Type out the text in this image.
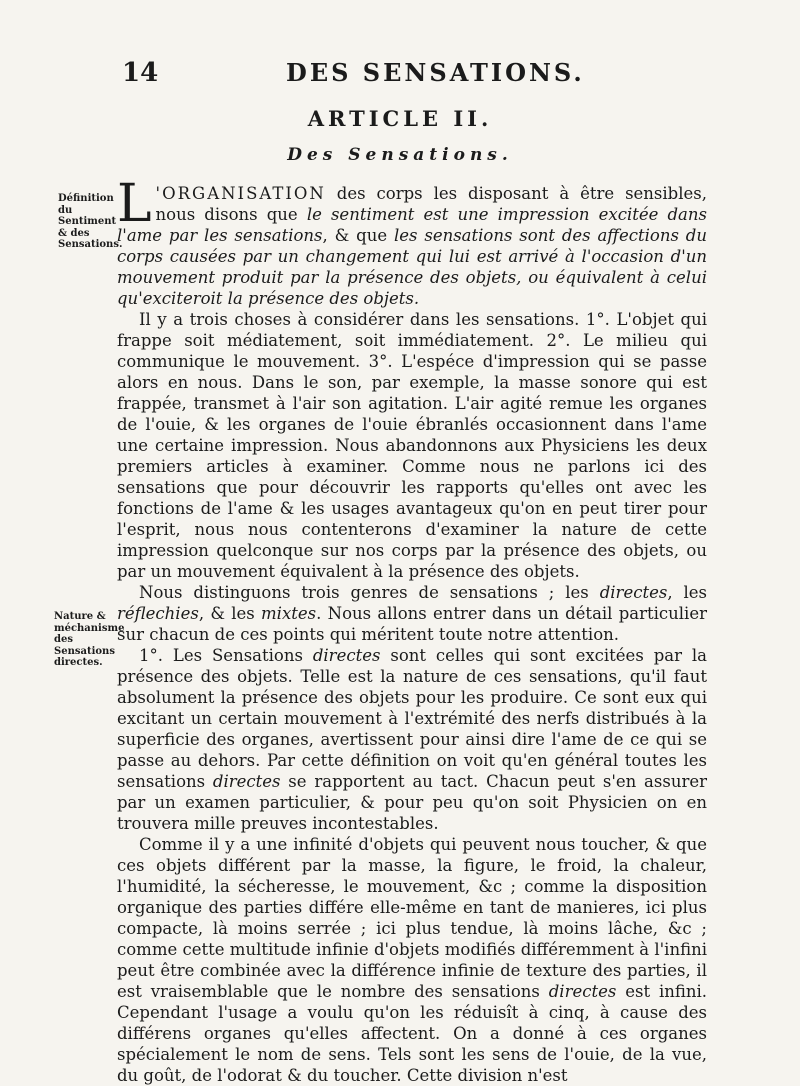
14	DES SENSATIONS.
ARTICLE II.
Des Sensations.
Définition du Sentiment & des Sensations.
Nature & méchanisme des Sensations directes.

L 'ORGANISATION des corps les disposant à être sensibles, nous disons que le sentiment est une impression excitée dans l'ame par les sensations, & que les sensations sont des affections du corps causées par un changement qui lui est arrivé à l'occasion d'un mouvement produit par la présence des objets, ou équivalent à celui qu'exciteroit la présence des objets.

Il y a trois choses à considérer dans les sensations. 1°. L'objet qui frappe soit médiatement, soit immédiatement. 2°. Le milieu qui communique le mouvement. 3°. L'espéce d'impression qui se passe alors en nous. Dans le son, par exemple, la masse sonore qui est frappée, transmet à l'air son agitation. L'air agité remue les organes de l'ouie, & les organes de l'ouie ébranlés occasionnent dans l'ame une certaine impression. Nous abandonnons aux Physiciens les deux premiers articles à examiner. Comme nous ne parlons ici des sensations que pour découvrir les rapports qu'elles ont avec les fonctions de l'ame & les usages avantageux qu'on en peut tirer pour l'esprit, nous nous contenterons d'examiner la nature de cette impression quelconque sur nos corps par la présence des objets, ou par un mouvement équivalent à la présence des objets.

Nous distinguons trois genres de sensations ; les directes, les réflechies, & les mixtes. Nous allons entrer dans un détail particulier sur chacun de ces points qui méritent toute notre attention.

1°. Les Sensations directes sont celles qui sont excitées par la présence des objets. Telle est la nature de ces sensations, qu'il faut absolument la présence des objets pour les produire. Ce sont eux qui excitant un certain mouvement à l'extrémité des nerfs distribués à la superficie des organes, avertissent pour ainsi dire l'ame de ce qui se passe au dehors. Par cette définition on voit qu'en général toutes les sensations directes se rapportent au tact. Chacun peut s'en assurer par un examen particulier, & pour peu qu'on soit Physicien on en trouvera mille preuves incontestables.

Comme il y a une infinité d'objets qui peuvent nous toucher, & que ces objets différent par la masse, la figure, le froid, la chaleur, l'humidité, la sécheresse, le mouvement, &c ; comme la disposition organique des parties différe elle-même en tant de manieres, ici plus compacte, là moins serrée ; ici plus tendue, là moins lâche, &c ; comme cette multitude infinie d'objets modifiés différemment à l'infini peut être combinée avec la différence infinie de texture des parties, il est vraisemblable que le nombre des sensations directes est infini. Cependant l'usage a voulu qu'on les réduisît à cinq, à cause des différens organes qu'elles affectent. On a donné à ces organes spécialement le nom de sens. Tels sont les sens de l'ouie, de la vue, du goût, de l'odorat & du toucher. Cette division n'est
